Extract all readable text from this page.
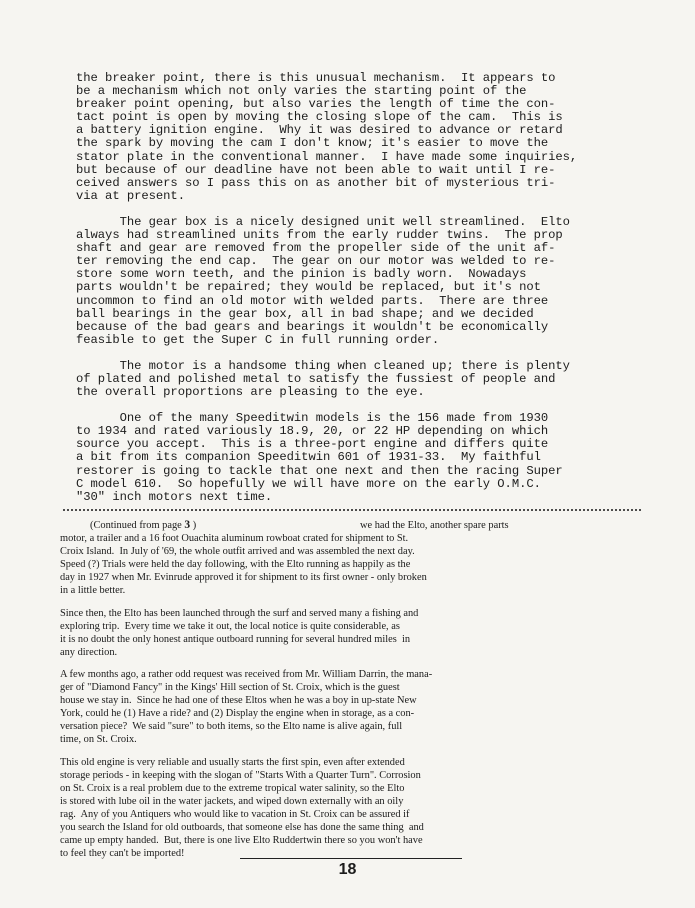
the breaker point, there is this unusual mechanism.  It appears to
be a mechanism which not only varies the starting point of the
breaker point opening, but also varies the length of time the con-
tact point is open by moving the closing slope of the cam.  This is
a battery ignition engine.  Why it was desired to advance or retard
the spark by moving the cam I don't know; it's easier to move the
stator plate in the conventional manner.  I have made some inquiries,
but because of our deadline have not been able to wait until I re-
ceived answers so I pass this on as another bit of mysterious tri-
via at present.

The gear box is a nicely designed unit well streamlined.  Elto
always had streamlined units from the early rudder twins.  The prop
shaft and gear are removed from the propeller side of the unit af-
ter removing the end cap.  The gear on our motor was welded to re-
store some worn teeth, and the pinion is badly worn.  Nowadays
parts wouldn't be repaired; they would be replaced, but it's not
uncommon to find an old motor with welded parts.  There are three
ball bearings in the gear box, all in bad shape; and we decided
because of the bad gears and bearings it wouldn't be economically
feasible to get the Super C in full running order.

The motor is a handsome thing when cleaned up; there is plenty
of plated and polished metal to satisfy the fussiest of people and
the overall proportions are pleasing to the eye.

One of the many Speeditwin models is the 156 made from 1930
to 1934 and rated variously 18.9, 20, or 22 HP depending on which
source you accept.  This is a three-port engine and differs quite
a bit from its companion Speeditwin 601 of 1931-33.  My faithful
restorer is going to tackle that one next and then the racing Super
C model 610.  So hopefully we will have more on the early O.M.C.
"30" inch motors next time.

(Continued from page 3 )	we had the Elto, another spare parts
motor, a trailer and a 16 foot Ouachita aluminum rowboat crated for shipment to St.
Croix Island.  In July of '69, the whole outfit arrived and was assembled the next day.
Speed (?) Trials were held the day following, with the Elto running as happily as the
day in 1927 when Mr. Evinrude approved it for shipment to its first owner - only broken
in a little better.

Since then, the Elto has been launched through the surf and served many a fishing and
exploring trip.  Every time we take it out, the local notice is quite considerable, as
it is no doubt the only honest antique outboard running for several hundred miles  in
any direction.

A few months ago, a rather odd request was received from Mr. William Darrin, the mana-
ger of "Diamond Fancy" in the Kings' Hill section of St. Croix, which is the guest
house we stay in.  Since he had one of these Eltos when he was a boy in up-state New
York, could he (1) Have a ride? and (2) Display the engine when in storage, as a con-
versation piece?  We said "sure" to both items, so the Elto name is alive again, full
time, on St. Croix.

This old engine is very reliable and usually starts the first spin, even after extended
storage periods - in keeping with the slogan of "Starts With a Quarter Turn". Corrosion
on St. Croix is a real problem due to the extreme tropical water salinity, so the Elto
is stored with lube oil in the water jackets, and wiped down externally with an oily
rag.  Any of you Antiquers who would like to vacation in St. Croix can be assured if
you search the Island for old outboards, that someone else has done the same thing  and
came up empty handed.  But, there is one live Elto Ruddertwin there so you won't have
to feel they can't be imported!

18
